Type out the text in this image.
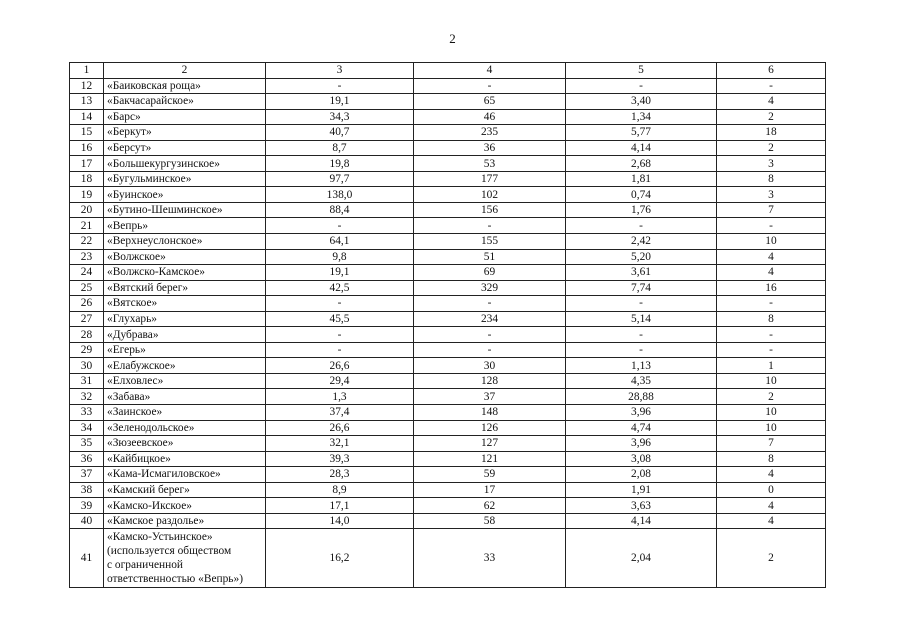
2
1	2	3	4	5	6
12	«Баиковская роща»	-	-	-	-
13	«Бакчасарайское»	19,1	65	3,40	4
14	«Барс»	34,3	46	1,34	2
15	«Беркут»	40,7	235	5,77	18
16	«Берсут»	8,7	36	4,14	2
17	«Большекургузинское»	19,8	53	2,68	3
18	«Бугульминское»	97,7	177	1,81	8
19	«Буинское»	138,0	102	0,74	3
20	«Бутино-Шешминское»	88,4	156	1,76	7
21	«Вепрь»	-	-	-	-
22	«Верхнеуслонское»	64,1	155	2,42	10
23	«Волжское»	9,8	51	5,20	4
24	«Волжско-Камское»	19,1	69	3,61	4
25	«Вятский берег»	42,5	329	7,74	16
26	«Вятское»	-	-	-	-
27	«Глухарь»	45,5	234	5,14	8
28	«Дубрава»	-	-	-	-
29	«Егерь»	-	-	-	-
30	«Елабужское»	26,6	30	1,13	1
31	«Елховлес»	29,4	128	4,35	10
32	«Забава»	1,3	37	28,88	2
33	«Заинское»	37,4	148	3,96	10
34	«Зеленодольское»	26,6	126	4,74	10
35	«Зюзеевское»	32,1	127	3,96	7
36	«Кайбицкое»	39,3	121	3,08	8
37	«Кама-Исмагиловское»	28,3	59	2,08	4
38	«Камский берег»	8,9	17	1,91	0
39	«Камско-Икское»	17,1	62	3,63	4
40	«Камское раздолье»	14,0	58	4,14	4
41	«Камско-Устьинское»
(используется обществом
с ограниченной
ответственностью «Вепрь»)	16,2	33	2,04	2
